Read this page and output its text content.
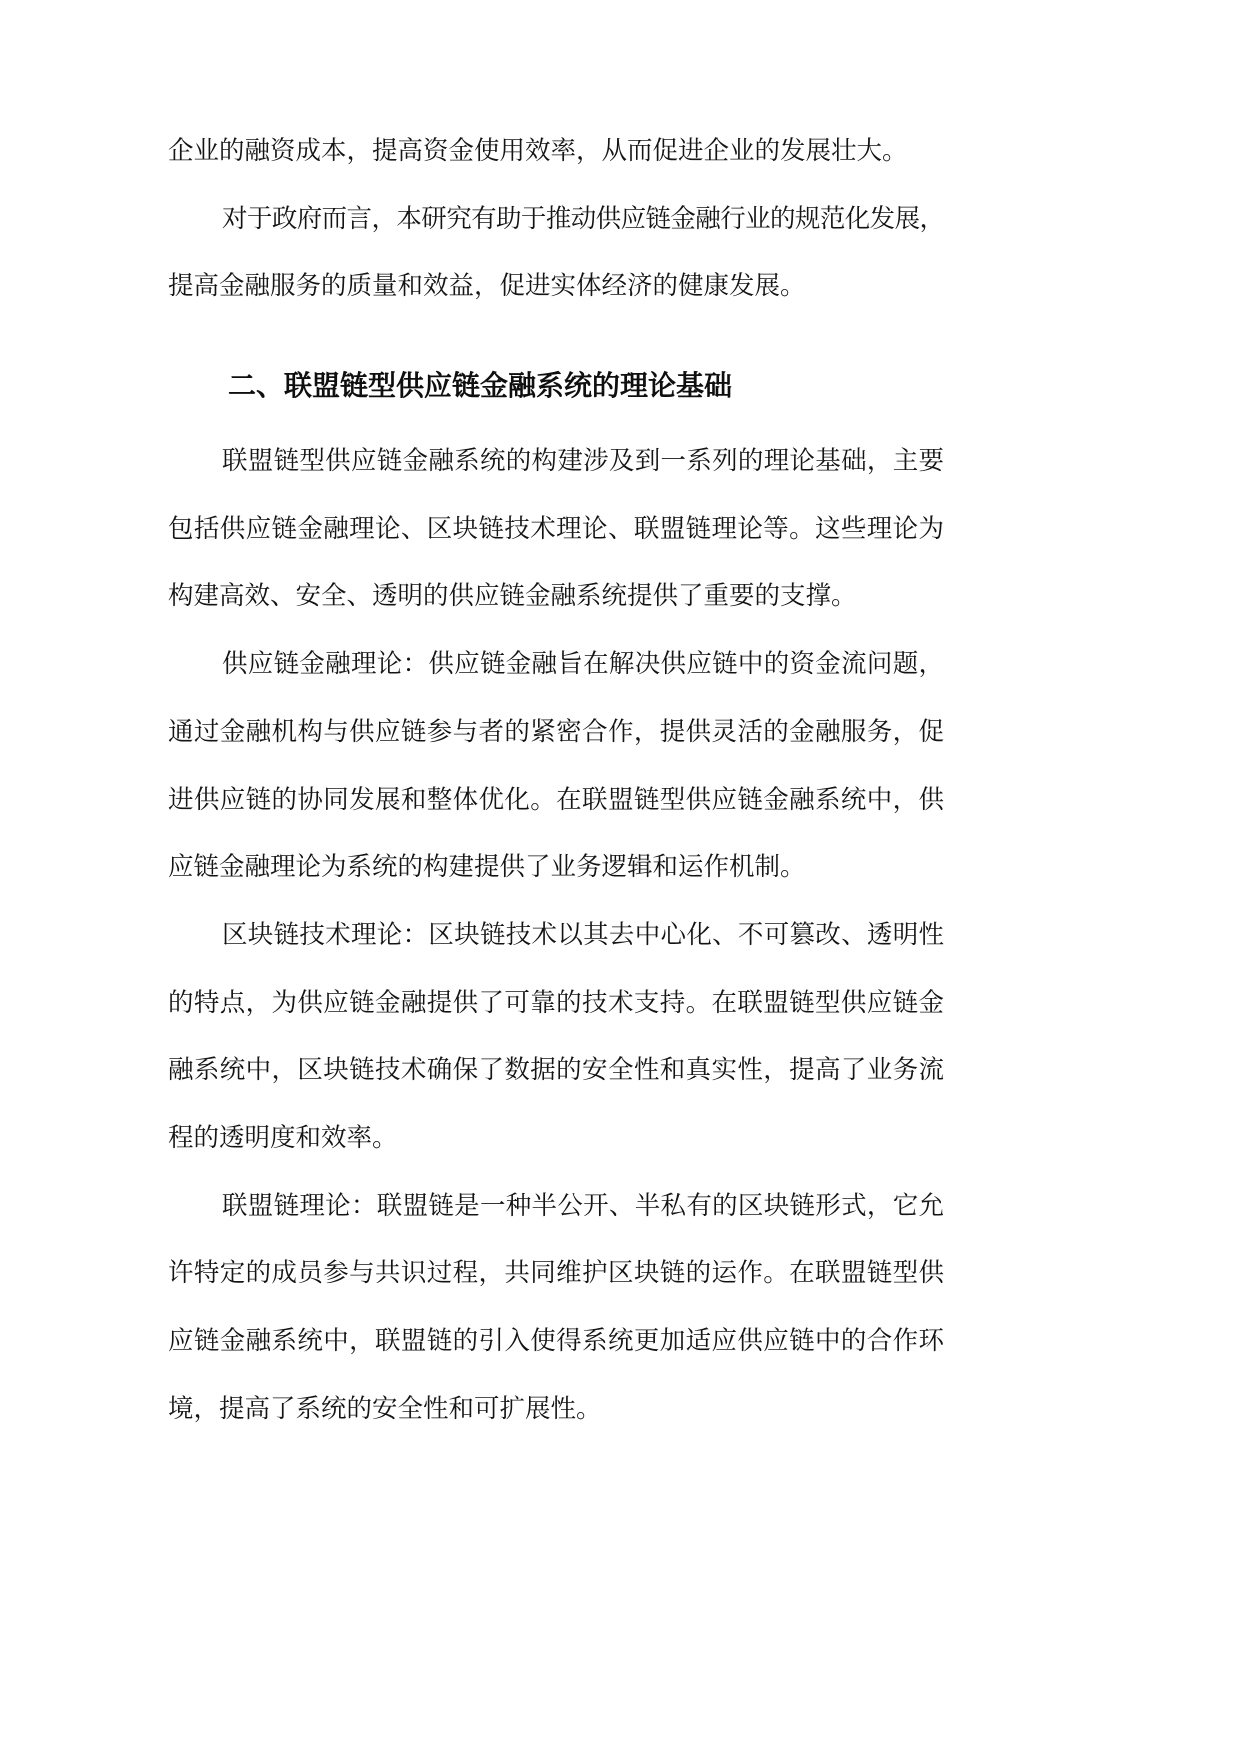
企业的融资成本，提高资金使用效率，从而促进企业的发展壮大。
对于政府而言，本研究有助于推动供应链金融行业的规范化发展，
提高金融服务的质量和效益，促进实体经济的健康发展。
二、联盟链型供应链金融系统的理论基础
联盟链型供应链金融系统的构建涉及到一系列的理论基础，主要
包括供应链金融理论、区块链技术理论、联盟链理论等。这些理论为
构建高效、安全、透明的供应链金融系统提供了重要的支撑。
供应链金融理论：供应链金融旨在解决供应链中的资金流问题，
通过金融机构与供应链参与者的紧密合作，提供灵活的金融服务，促
进供应链的协同发展和整体优化。在联盟链型供应链金融系统中，供
应链金融理论为系统的构建提供了业务逻辑和运作机制。
区块链技术理论：区块链技术以其去中心化、不可篡改、透明性
的特点，为供应链金融提供了可靠的技术支持。在联盟链型供应链金
融系统中，区块链技术确保了数据的安全性和真实性，提高了业务流
程的透明度和效率。
联盟链理论：联盟链是一种半公开、半私有的区块链形式，它允
许特定的成员参与共识过程，共同维护区块链的运作。在联盟链型供
应链金融系统中，联盟链的引入使得系统更加适应供应链中的合作环
境，提高了系统的安全性和可扩展性。
